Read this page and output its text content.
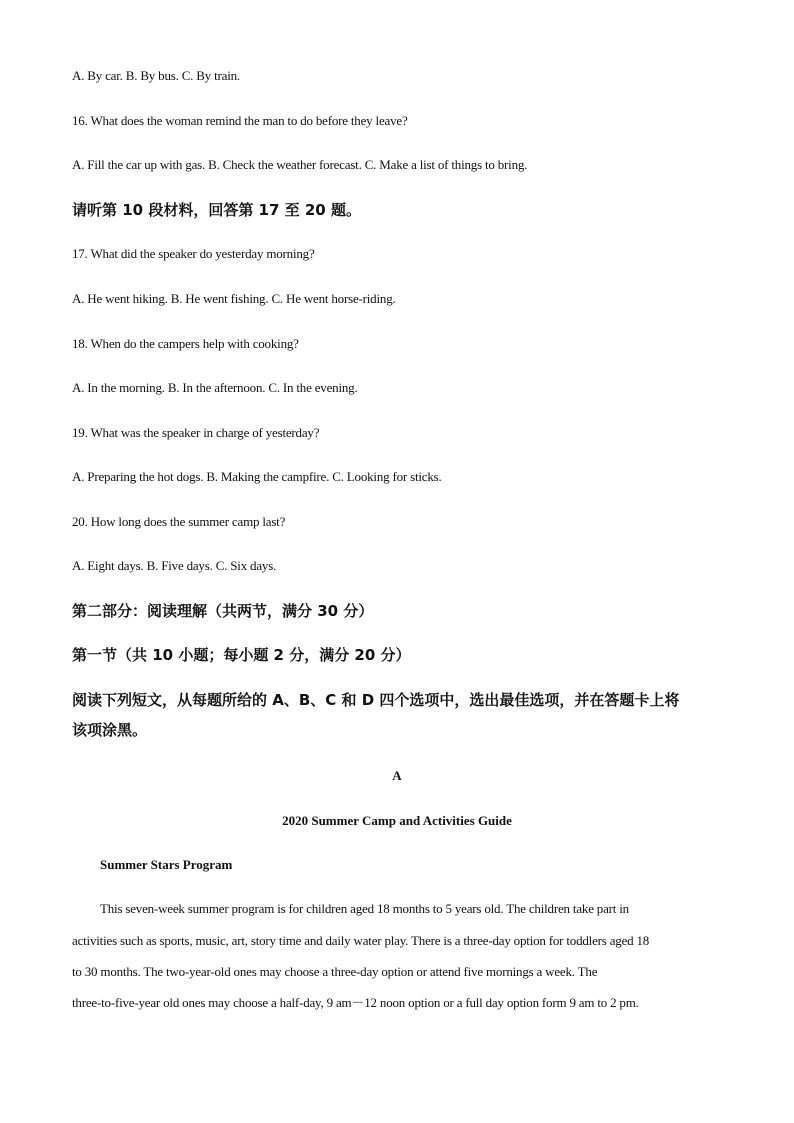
A. By car. B. By bus. C. By train.
16. What does the woman remind the man to do before they leave?
A. Fill the car up with gas. B. Check the weather forecast. C. Make a list of things to bring.
请听第 10 段材料，回答第 17 至 20 题。
17. What did the speaker do yesterday morning?
A. He went hiking. B. He went fishing. C. He went horse-riding.
18. When do the campers help with cooking?
A. In the morning. B. In the afternoon. C. In the evening.
19. What was the speaker in charge of yesterday?
A. Preparing the hot dogs. B. Making the campfire. C. Looking for sticks.
20. How long does the summer camp last?
A. Eight days. B. Five days. C. Six days.
第二部分：阅读理解（共两节，满分 30 分）
第一节（共 10 小题；每小题 2 分，满分 20 分）
阅读下列短文，从每题所给的 A、B、C 和 D 四个选项中，选出最佳选项，并在答题卡上将
该项涂黑。
A
2020 Summer Camp and Activities Guide
Summer Stars Program
This seven-week summer program is for children aged 18 months to 5 years old. The children take part in
activities such as sports, music, art, story time and daily water play. There is a three-day option for toddlers aged 18
to 30 months. The two-year-old ones may choose a three-day option or attend five mornings a week. The
three-to-five-year old ones may choose a half-day, 9 am－12 noon option or a full day option form 9 am to 2 pm.
